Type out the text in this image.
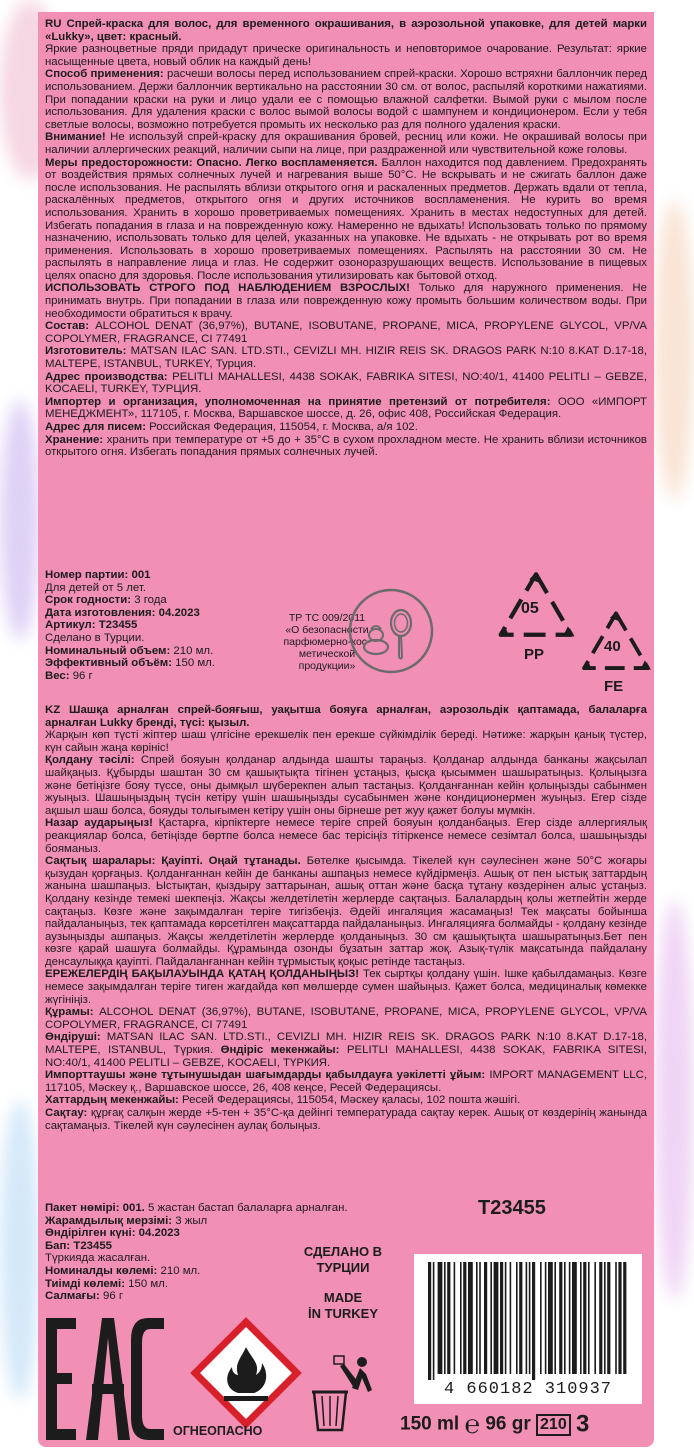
RU Спрей-краска для волос, для временного окрашивания, в аэрозольной упаковке, для детей марки «Lukky», цвет: красный.

Яркие разноцветные пряди придадут прическе оригинальность и неповторимое очарование. Результат: яркие насыщенные цвета, новый облик на каждый день!

Способ применения: расчеши волосы перед использованием спрей-краски. Хорошо встряхни баллончик перед использованием. Держи баллончик вертикально на расстоянии 30 см. от волос, распыляй короткими нажатиями. При попадании краски на руки и лицо удали ее с помощью влажной салфетки. Вымой руки с мылом после использования. Для удаления краски с волос вымой волосы водой с шампунем и кондиционером. Если у тебя светлые волосы, возможно потребуется промыть их несколько раз для полного удаления краски.

Внимание! Не используй спрей-краску для окрашивания бровей, ресниц или кожи. Не окрашивай волосы при наличии аллергических реакций, наличии сыпи на лице, при раздраженной или чувствительной коже головы.

Меры предосторожности: Опасно. Легко воспламеняется. Баллон находится под давлением. Предохранять от воздействия прямых солнечных лучей и нагревания выше 50°C. Не вскрывать и не сжигать баллон даже после использования. Не распылять вблизи открытого огня и раскаленных предметов. Держать вдали от тепла, раскалённых предметов, открытого огня и других источников воспламенения. Не курить во время использования. Хранить в хорошо проветриваемых помещениях. Хранить в местах недоступных для детей. Избегать попадания в глаза и на поврежденную кожу. Намеренно не вдыхать! Использовать только по прямому назначению, использовать только для целей, указанных на упаковке. Не вдыхать - не открывать рот во время применения. Использовать в хорошо проветриваемых помещениях. Распылять на расстоянии 30 см. Не распылять в направление лица и глаз. Не содержит озоноразрушающих веществ. Использование в пищевых целях опасно для здоровья. После использования утилизировать как бытовой отход.

ИСПОЛЬЗОВАТЬ СТРОГО ПОД НАБЛЮДЕНИЕМ ВЗРОСЛЫХ! Только для наружного применения. Не принимать внутрь. При попадании в глаза или поврежденную кожу промыть большим количеством воды. При необходимости обратиться к врачу.

Состав: ALCOHOL DENAT (36,97%), BUTANE, ISOBUTANE, PROPANE, MICA, PROPYLENE GLYCOL, VP/VA COPOLYMER, FRAGRANCE, CI 77491

Изготовитель: MATSAN ILAC SAN. LTD.STI., CEVIZLI MH. HIZIR REIS SK. DRAGOS PARK N:10 8.KAT D.17-18, MALTEPE, ISTANBUL, TURKEY, Турция.

Адрес производства: PELITLI MAHALLESI, 4438 SOKAK, FABRIKA SITESI, NO:40/1, 41400 PELITLI – GEBZE, KOCAELI, TURKEY, ТУРЦИЯ.

Импортер и организация, уполномоченная на принятие претензий от потребителя: ООО «ИМПОРТ МЕНЕДЖМЕНТ», 117105, г. Москва, Варшавское шоссе, д. 26, офис 408, Российская Федерация.

Адрес для писем: Российская Федерация, 115054, г. Москва, а/я 102.

Хранение: хранить при температуре от +5 до + 35°С в сухом прохладном месте. Не хранить вблизи источников открытого огня. Избегать попадания прямых солнечных лучей.

Номер партии: 001

Для детей от 5 лет.

Срок годности: 3 года

Дата изготовления: 04.2023

Артикул: T23455

Сделано в Турции.

Номинальный объем: 210 мл.

Эффективный объём: 150 мл.

Вес: 96 г

ТР ТС 009/2011
«О безопасности парфюмерно-кос-метической продукции»
05
PP	40
FE

KZ Шашқа арналған спрей-бояғыш, уақытша бояуға арналған, аэрозольдік қаптамада, балаларға арналған Lukky бренді, түсі: қызыл.

Жарқын көп түсті жіптер шаш үлгісіне ерекшелік пен ерекше сүйкімділік береді. Нәтиже: жарқын қанық түстер, күн сайын жаңа көрініс!

Қолдану тәсілі: Спрей бояуын қолданар алдында шашты тараңыз. Қолданар алдында банканы жақсылап шайқаңыз. Құбырды шаштан 30 см қашықтықта тігінен ұстаңыз, қысқа қысыммен шашыратыңыз. Қолыңызға және бетіңізге бояу түссе, оны дымқыл шүберекпен алып тастаңыз. Қолданғаннан кейін қолыңызды сабынмен жуыңыз. Шашыңыздың түсін кетіру үшін шашыңызды сусабынмен және кондиционермен жуыңыз. Егер сізде ақшыл шаш болса, бояуды толығымен кетіру үшін оны бірнеше рет жуу қажет болуы мүмкін.

Назар аударыңыз! Қастарға, кірпіктерге немесе теріге спрей бояуын қолданбаңыз. Егер сізде аллергиялық реакциялар болса, бетіңізде бөртпе болса немесе бас терісіңіз тітіркенсе немесе сезімтал болса, шашыңызды бояманыз.

Сақтық шаралары: Қауіпті. Оңай тұтанады. Бөтелке қысымда. Тікелей күн сәулесінен және 50°C жоғары қызудан қорғаңыз. Қолданғаннан кейін де банканы ашпаңыз немесе күйдірмеңіз. Ашық от пен ыстық заттардың жанына шашпаңыз. Ыстықтан, қыздыру заттарынан, ашық оттан және басқа тұтану көздерінен алыс ұстаңыз. Қолдану кезінде темекі шекпеңіз. Жақсы желдетілетін жерлерде сақтаңыз. Балалардың қолы жетпейтін жерде сақтаңыз. Көзге және зақымдалған теріге тигізбеңіз. Әдейі ингаляция жасамаңыз! Тек мақсаты бойынша пайдаланыңыз, тек қаптамада көрсетілген мақсаттарда пайдаланыңыз. Ингаляцияға болмайды - қолдану кезінде аузыңызды ашпаңыз. Жақсы желдетілетін жерлерде қолданыңыз. 30 см қашықтықта шашыратыңыз.Бет пен көзге қарай шашуға болмайды. Құрамында озонды бұзатын заттар жоқ. Азық-түлік мақсатында пайдалану денсаулыққа қауіпті. Пайдаланғаннан кейін тұрмыстық қоқыс ретінде тастаңыз.

ЕРЕЖЕЛЕРДІҢ БАҚЫЛАУЫНДА ҚАТАҢ ҚОЛДАНЫҢЫЗ! Тек сыртқы қолдану үшін. Ішке қабылдамаңыз. Көзге немесе зақымдалған теріге тиген жағдайда көп мөлшерде сумен шайыңыз. Қажет болса, медициналық көмекке жүгініңіз.

Құрамы: ALCOHOL DENAT (36,97%), BUTANE, ISOBUTANE, PROPANE, MICA, PROPYLENE GLYCOL, VP/VA COPOLYMER, FRAGRANCE, CI 77491

Өндіруші: MATSAN ILAC SAN. LTD.STI., CEVIZLI MH. HIZIR REIS SK. DRAGOS PARK N:10 8.KAT D.17-18, MALTEPE, ISTANBUL, Түркия. Өндіріс мекенжайы: PELITLI MAHALLESI, 4438 SOKAK, FABRIKA SITESI, NO:40/1, 41400 PELITLI – GEBZE, KOCAELI, ТҮРКИЯ.

Импорттаушы және тұтынушыдан шағымдарды қабылдауға уәкілетті ұйым: IMPORT MANAGEMENT LLC, 117105, Мәскеу қ., Варшавское шоссе, 26, 408 кеңсе, Ресей Федерациясы.

Хаттардың мекенжайы: Ресей Федерациясы, 115054, Мәскеу қаласы, 102 пошта жәшігі.

Сақтау: құрғақ салқын жерде +5-тен + 35°С-қа дейінгі температурада сақтау керек. Ашық от көздерінің жанында сақтамаңыз. Тікелей күн сәулесінен аулақ болыңыз.

Пакет нөмірі: 001. 5 жастан бастап балаларға арналған.

Жарамдылық мерзімі: 3 жыл

Өндірілген күні: 04.2023

Бап: T23455

Түркияда жасалған.

Номиналды көлемі: 210 мл.

Тиімді көлемі: 150 мл.

Салмағы: 96 г

T23455
СДЕЛАНО В ТУРЦИИ
MADE
İN TURKEY
4 660182 310937
ОГНЕОПАСНО	150 ml ℮ 96 gr 210 3
